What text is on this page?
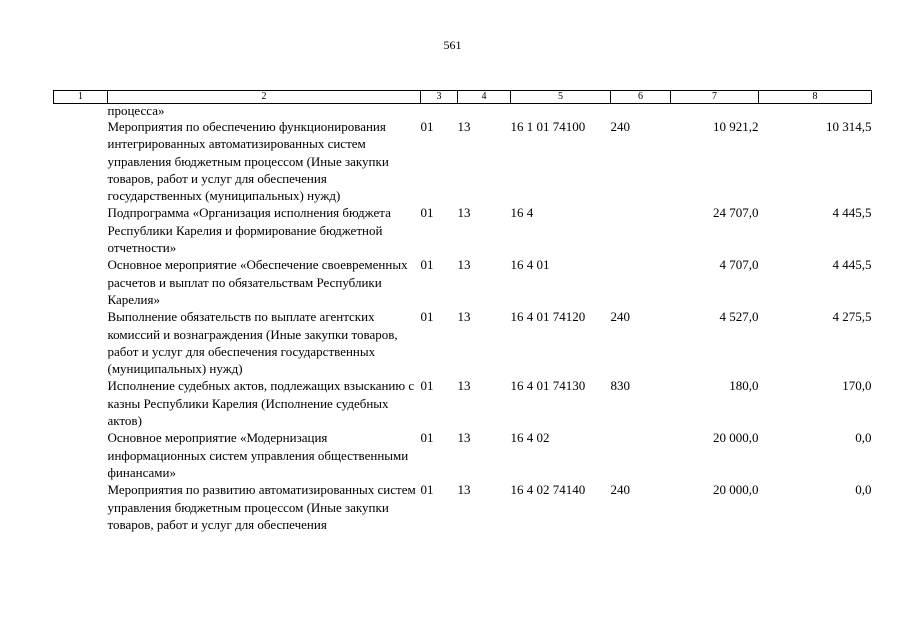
561
1	2	3	4	5	6	7	8
	процесса»						
	Мероприятия по обеспечению функционирования интегрированных автоматизированных систем управления бюджетным процессом (Иные закупки товаров, работ и услуг для обеспечения государственных (муниципальных) нужд)	01	13	16 1 01 74100	240	10 921,2	10 314,5
	Подпрограмма «Организация исполнения бюджета Республики Карелия и формирование бюджетной отчетности»	01	13	16 4		24 707,0	4 445,5
	Основное мероприятие «Обеспечение своевременных расчетов и выплат по обязательствам Республики Карелия»	01	13	16 4 01		4 707,0	4 445,5
	Выполнение обязательств по выплате агентских комиссий и вознаграждения (Иные закупки товаров, работ и услуг для обеспечения государственных (муниципальных) нужд)	01	13	16 4 01 74120	240	4 527,0	4 275,5
	Исполнение судебных актов, подлежащих взысканию с казны Республики Карелия (Исполнение судебных актов)	01	13	16 4 01 74130	830	180,0	170,0
	Основное мероприятие «Модернизация информационных систем управления общественными финансами»	01	13	16 4 02		20 000,0	0,0
	Мероприятия по развитию автоматизированных систем управления бюджетным процессом (Иные закупки товаров, работ и услуг для обеспечения	01	13	16 4 02 74140	240	20 000,0	0,0
